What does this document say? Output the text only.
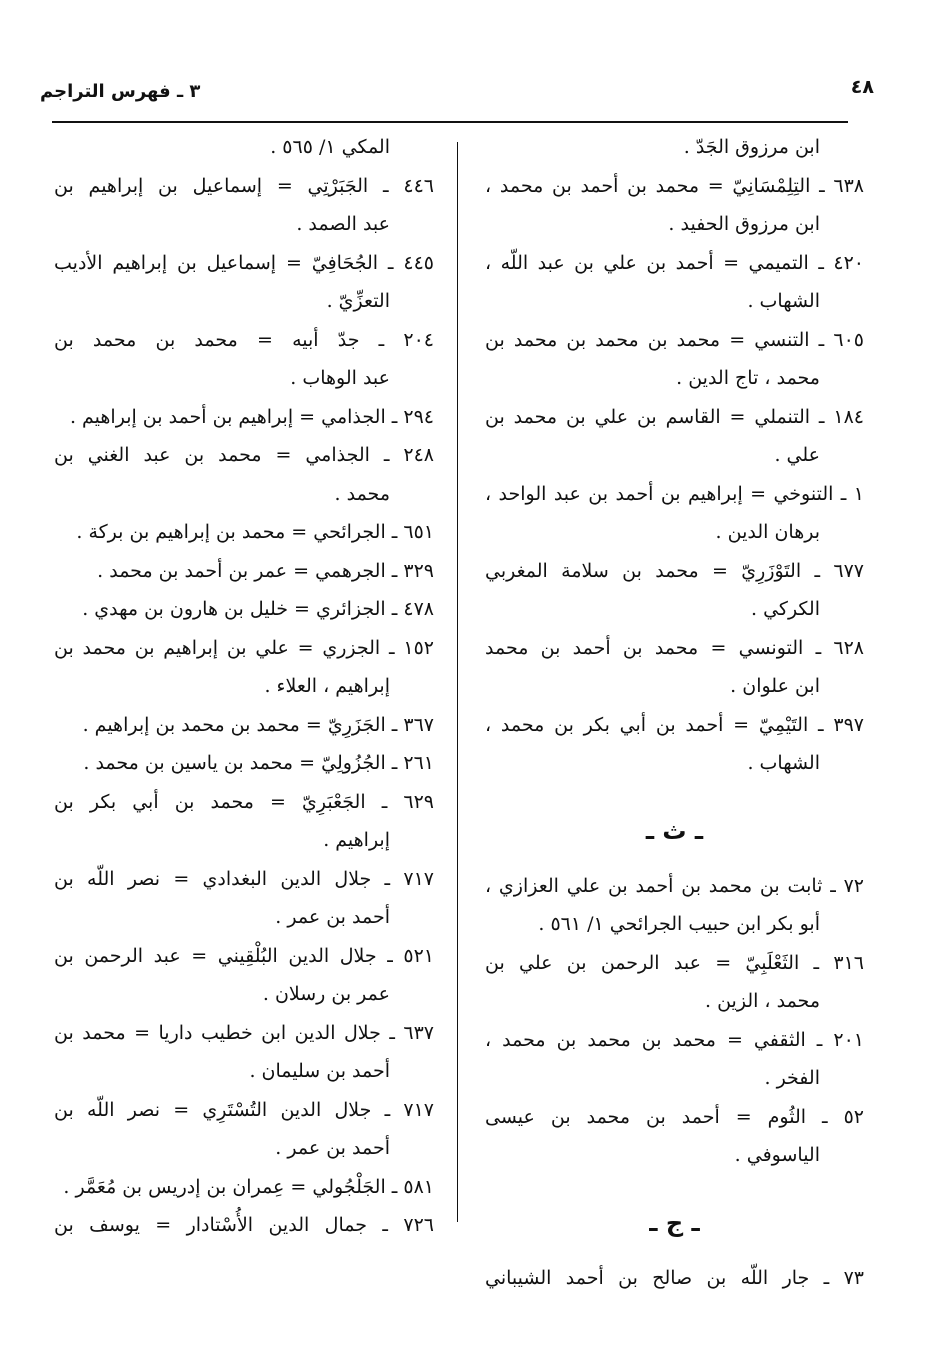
٤٨
٣ ـ فهرس التراجم
ابن مرزوق الجَدّ .
٦٣٨ ـ التِلِمْسَانِيّ = محمد بن أحمد بن محمد ،
ابن مرزوق الحفيد .
٤٢٠ ـ التميمي = أحمد بن علي بن عبد اللّه ،
الشهاب .
٦٠٥ ـ التنسي = محمد بن محمد بن محمد بن
محمد ، تاج الدين .
١٨٤ ـ التنملي = القاسم بن علي بن محمد بن
علي .
١ ـ التنوخي = إبراهيم بن أحمد بن عبد الواحد ،
برهان الدين .
٦٧٧ ـ التَوْزَرِيّ = محمد بن سلامة المغربي
الكركي .
٦٢٨ ـ التونسي = محمد بن أحمد بن محمد
ابن علوان .
٣٩٧ ـ التَيْمِيّ = أحمد بن أبي بكر بن محمد ،
الشهاب .
ـ ث ـ
٧٢ ـ ثابت بن محمد بن أحمد بن علي العزازي ،
أبو بكر ابن حبيب الجرائحي ١/ ٥٦١ .
٣١٦ ـ الثَعْلَبِيّ = عبد الرحمن بن علي بن
محمد ، الزين .
٢٠١ ـ الثقفي = محمد بن محمد بن محمد ،
الفخر .
٥٢ ـ الثُوم = أحمد بن محمد بن عيسى
الياسوفي .
ـ ج ـ
٧٣ ـ جار اللّه بن صالح بن أحمد الشيباني
المكي ١/ ٥٦٥ .
٤٤٦ ـ الجَبَرْتِي = إسماعيل بن إبراهيم بن
عبد الصمد .
٤٤٥ ـ الجُحَافِيّ = إسماعيل بن إبراهيم الأديب
التعزِّيّ .
٢٠٤ ـ جدّ أبيه = محمد بن محمد بن
عبد الوهاب .
٢٩٤ ـ الجذامي = إبراهيم بن أحمد بن إبراهيم .
٢٤٨ ـ الجذامي = محمد بن عبد الغني بن
محمد .
٦٥١ ـ الجرائحي = محمد بن إبراهيم بن بركة .
٣٢٩ ـ الجرهمي = عمر بن أحمد بن محمد .
٤٧٨ ـ الجزائري = خليل بن هارون بن مهدي .
١٥٢ ـ الجزري = علي بن إبراهيم بن محمد بن
إبراهيم ، العلاء .
٣٦٧ ـ الجَزَرِيّ = محمد بن محمد بن إبراهيم .
٢٦١ ـ الجُزُولِيّ = محمد بن ياسين بن محمد .
٦٢٩ ـ الجَعْبَرِيّ = محمد بن أبي بكر بن
إبراهيم .
٧١٧ ـ جلال الدين البغدادي = نصر اللّه بن
أحمد بن عمر .
٥٢١ ـ جلال الدين البُلْقِيني = عبد الرحمن بن
عمر بن رسلان .
٦٣٧ ـ جلال الدين ابن خطيب داريا = محمد بن
أحمد بن سليمان .
٧١٧ ـ جلال الدين التُسْتَرِي = نصر اللّه بن
أحمد بن عمر .
٥٨١ ـ الجَلْجُولي = عِمران بن إدريس بن مُعَمَّر .
٧٢٦ ـ جمال الدين الأُسْتادار = يوسف بن
